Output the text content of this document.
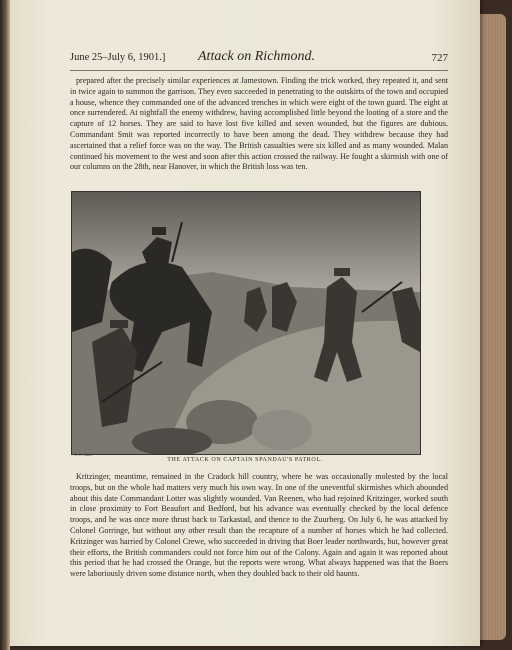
June 25–July 6, 1901.] Attack on Richmond.	727

prepared after the precisely similar experiences at Jamestown. Finding the trick worked, they repeated it, and sent in twice again to summon the garrison. They even succeeded in penetrating to the outskirts of the town and occupied a house, whence they commanded one of the advanced trenches in which were eight of the town guard. The eight at once surrendered. At nightfall the enemy withdrew, having accomplished little beyond the looting of a store and the capture of 12 horses. They are said to have lost five killed and seven wounded, but the figures are dubious. Commandant Smit was reported incorrectly to have been among the dead. They withdrew because they had ascertained that a relief force was on the way. The British casualties were six killed and as many wounded. Malan continued his movement to the west and soon after this action crossed the railway. He fought a skirmish with one of our columns on the 28th, near Hanover, in which the British loss was ten.

A. C. Bull.
THE ATTACK ON CAPTAIN SPANDAU'S PATROL.

Kritzinger, meantime, remained in the Cradock hill country, where he was occasionally molested by the local troops, but on the whole had matters very much his own way. In one of the uneventful skirmishes which abounded about this date Commandant Lotter was slightly wounded. Van Reenen, who had rejoined Kritzinger, worked south in close proximity to Fort Beaufort and Bedford, but his advance was eventually checked by the local defence troops, and he was once more thrust back to Tarkastad, and thence to the Zuurberg. On July 6, he was attacked by Colonel Gorringe, but without any other result than the recapture of a number of horses which he had collected. Kritzinger was harried by Colonel Crewe, who succeeded in driving that Boer leader northwards, but, however great their efforts, the British commanders could not force him out of the Colony. Again and again it was reported about this period that he had crossed the Orange, but the reports were wrong. What always happened was that the Boers were laboriously driven some distance north, when they doubled back to their old haunts.
